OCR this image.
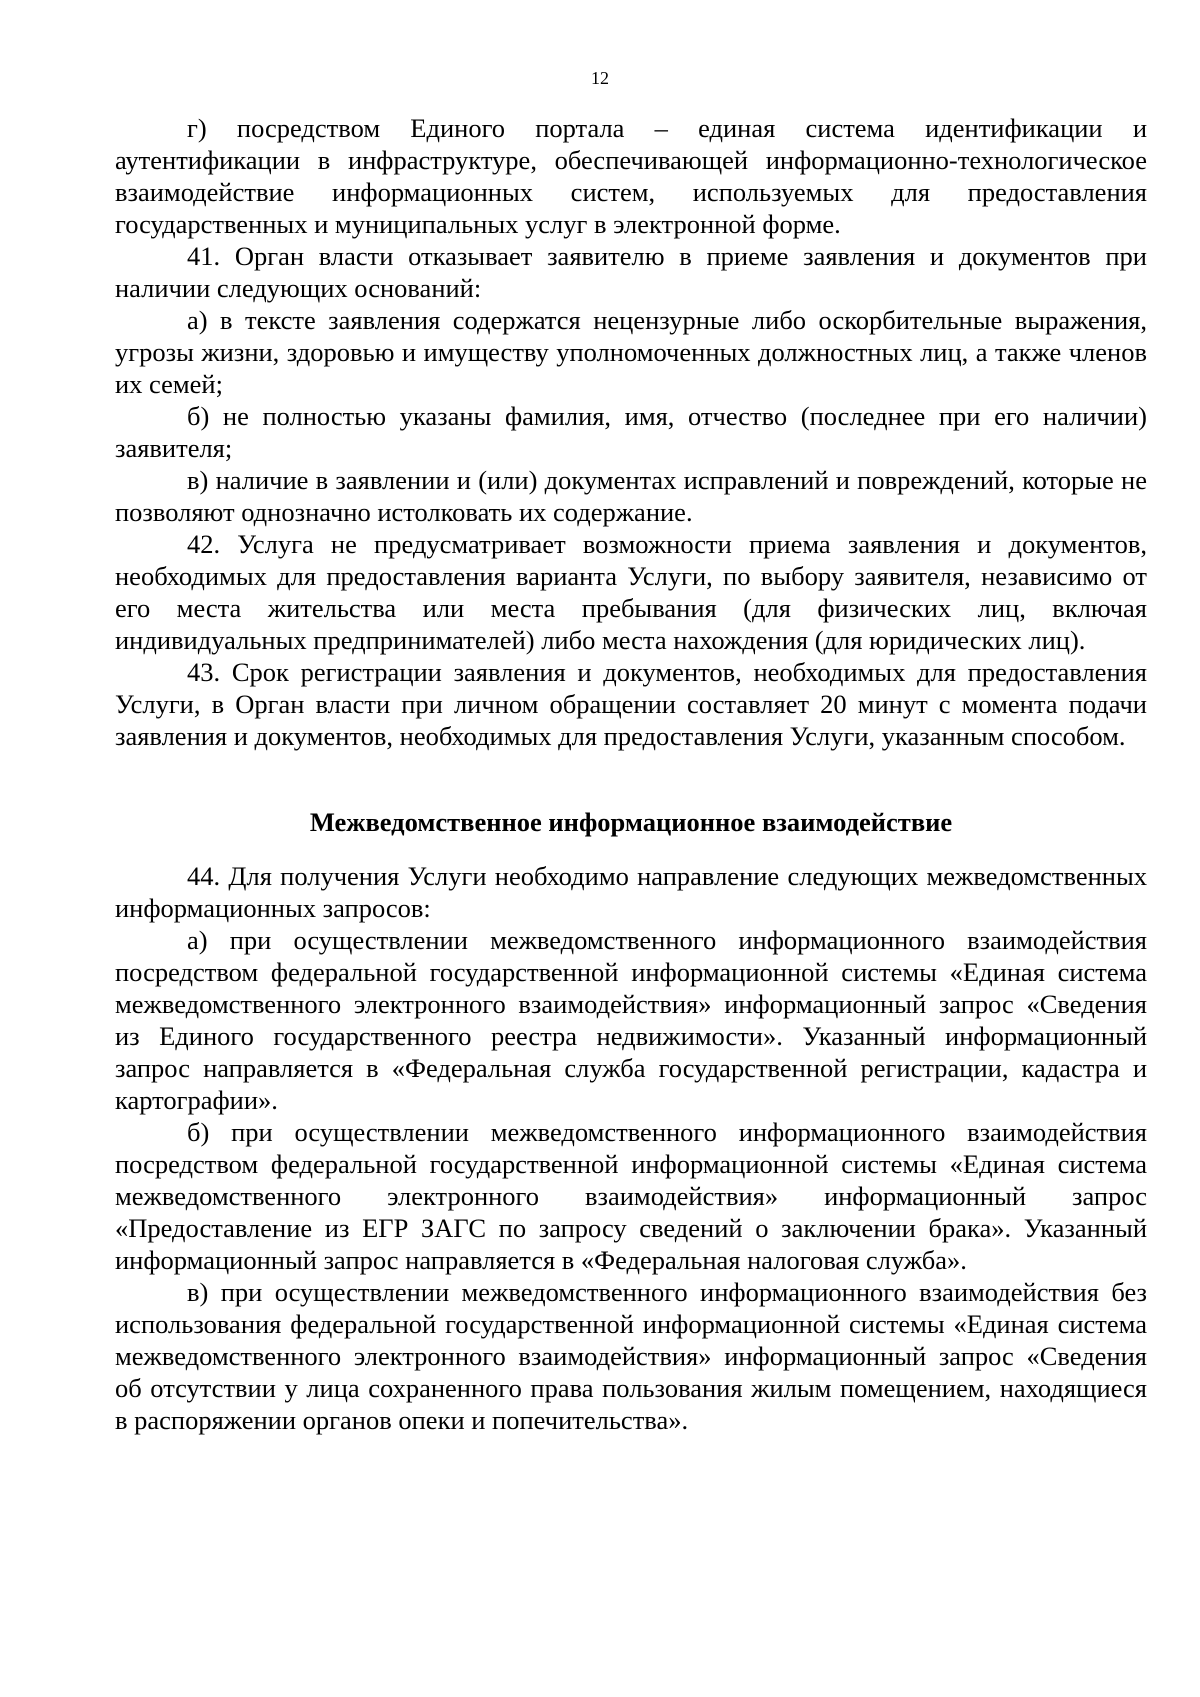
12

г) посредством Единого портала – единая система идентификации и аутентификации в инфраструктуре, обеспечивающей информационно-технологическое взаимодействие информационных систем, используемых для предоставления государственных и муниципальных услуг в электронной форме.

41. Орган власти отказывает заявителю в приеме заявления и документов при наличии следующих оснований:

а) в тексте заявления содержатся нецензурные либо оскорбительные выражения, угрозы жизни, здоровью и имуществу уполномоченных должностных лиц, а также членов их семей;

б) не полностью указаны фамилия, имя, отчество (последнее при его наличии) заявителя;

в) наличие в заявлении и (или) документах исправлений и повреждений, которые не позволяют однозначно истолковать их содержание.

42. Услуга не предусматривает возможности приема заявления и документов, необходимых для предоставления варианта Услуги, по выбору заявителя, независимо от его места жительства или места пребывания (для физических лиц, включая индивидуальных предпринимателей) либо места нахождения (для юридических лиц).

43. Срок регистрации заявления и документов, необходимых для предоставления Услуги, в Орган власти при личном обращении составляет 20 минут с момента подачи заявления и документов, необходимых для предоставления Услуги, указанным способом.

Межведомственное информационное взаимодействие

44. Для получения Услуги необходимо направление следующих межведомственных информационных запросов:

а) при осуществлении межведомственного информационного взаимодействия посредством федеральной государственной информационной системы «Единая система межведомственного электронного взаимодействия» информационный запрос «Сведения из Единого государственного реестра недвижимости». Указанный информационный запрос направляется в «Федеральная служба государственной регистрации, кадастра и картографии».

б) при осуществлении межведомственного информационного взаимодействия посредством федеральной государственной информационной системы «Единая система межведомственного электронного взаимодействия» информационный запрос «Предоставление из ЕГР ЗАГС по запросу сведений о заключении брака». Указанный информационный запрос направляется в «Федеральная налоговая служба».

в) при осуществлении межведомственного информационного взаимодействия без использования федеральной государственной информационной системы «Единая система межведомственного электронного взаимодействия» информационный запрос «Сведения об отсутствии у лица сохраненного права пользования жилым помещением, находящиеся в распоряжении органов опеки и попечительства».
